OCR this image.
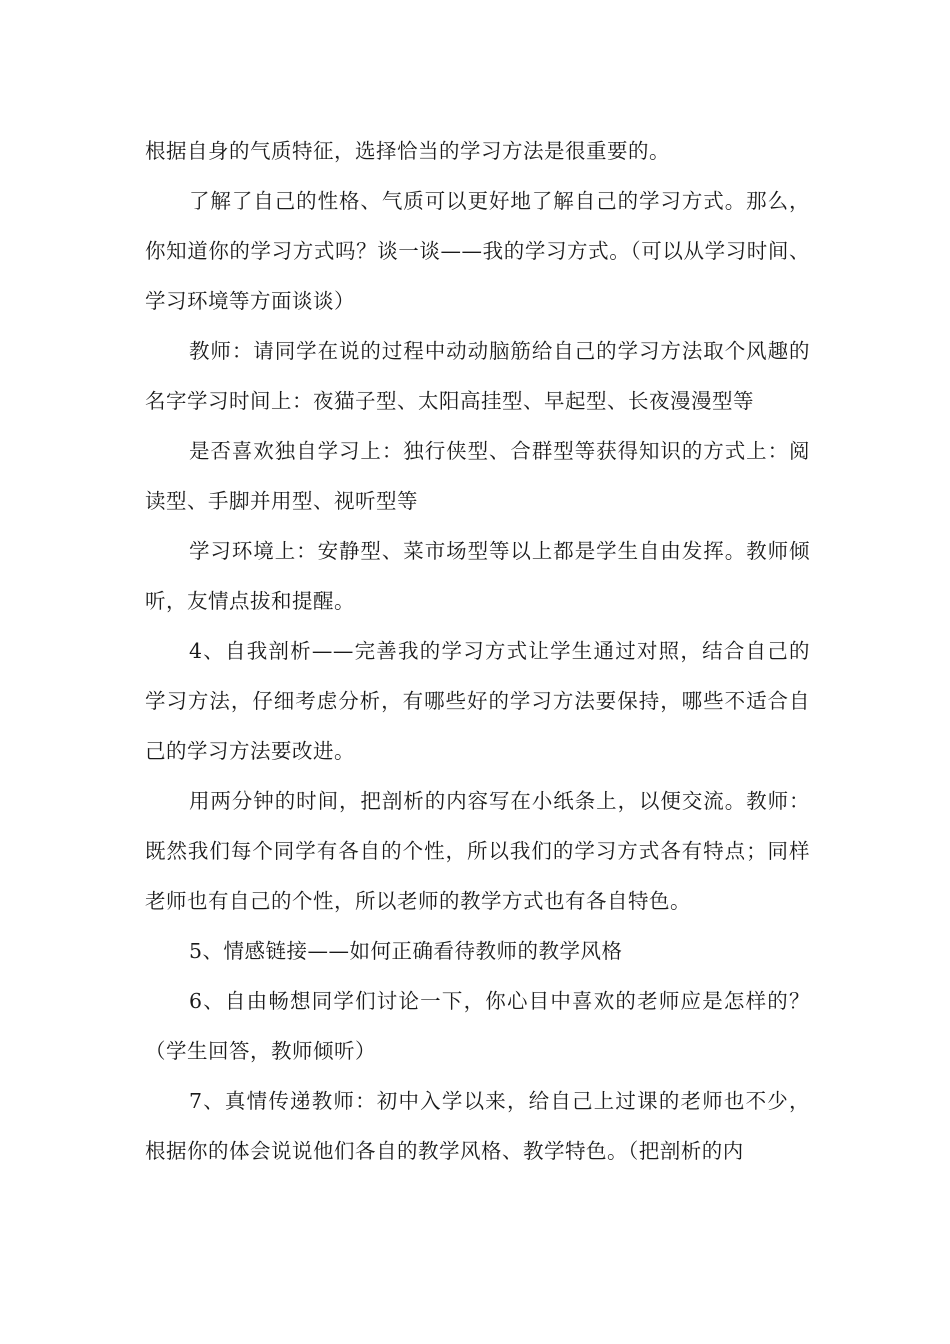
根据自身的气质特征，选择恰当的学习方法是很重要的。

了解了自己的性格、气质可以更好地了解自己的学习方式。那么，你知道你的学习方式吗？谈一谈——我的学习方式。（可以从学习时间、学习环境等方面谈谈）

教师：请同学在说的过程中动动脑筋给自己的学习方法取个风趣的名字学习时间上：夜猫子型、太阳高挂型、早起型、长夜漫漫型等

是否喜欢独自学习上：独行侠型、合群型等获得知识的方式上：阅读型、手脚并用型、视听型等

学习环境上：安静型、菜市场型等以上都是学生自由发挥。教师倾听，友情点拔和提醒。

4、自我剖析——完善我的学习方式让学生通过对照，结合自己的学习方法，仔细考虑分析，有哪些好的学习方法要保持，哪些不适合自己的学习方法要改进。

用两分钟的时间，把剖析的内容写在小纸条上，以便交流。教师：既然我们每个同学有各自的个性，所以我们的学习方式各有特点；同样老师也有自己的个性，所以老师的教学方式也有各自特色。

5、情感链接——如何正确看待教师的教学风格

6、自由畅想同学们讨论一下，你心目中喜欢的老师应是怎样的？（学生回答，教师倾听）

7、真情传递教师：初中入学以来，给自己上过课的老师也不少，根据你的体会说说他们各自的教学风格、教学特色。（把剖析的内
